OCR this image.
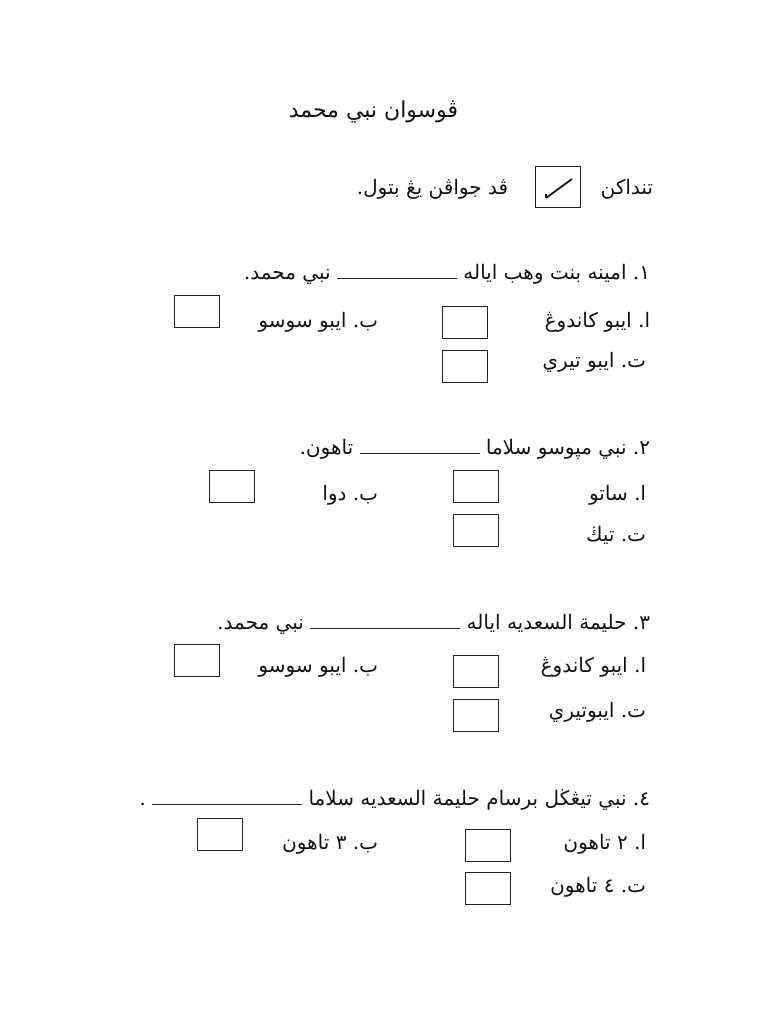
ڤوسوان نبي محمد
تنداكن
ڤد جواڤن يڠ بتول.
١. امينه بنت وهب اياله  نبي محمد.
ا. ايبو كاندوڠ
ب. ايبو سوسو
ت. ايبو تيري
٢. نبي مپوسو سلاما  تاهون.
ا. ساتو
ب. دوا
ت. تيڬ
٣. حليمة السعديه اياله  نبي محمد.
ا. ايبو كاندوڠ
ب. ايبو سوسو
ت. ايبوتيري
٤. نبي تيڠڬل برسام حليمة السعديه سلاما  .
ا. ٢ تاهون
ب. ٣ تاهون
ت. ٤ تاهون
